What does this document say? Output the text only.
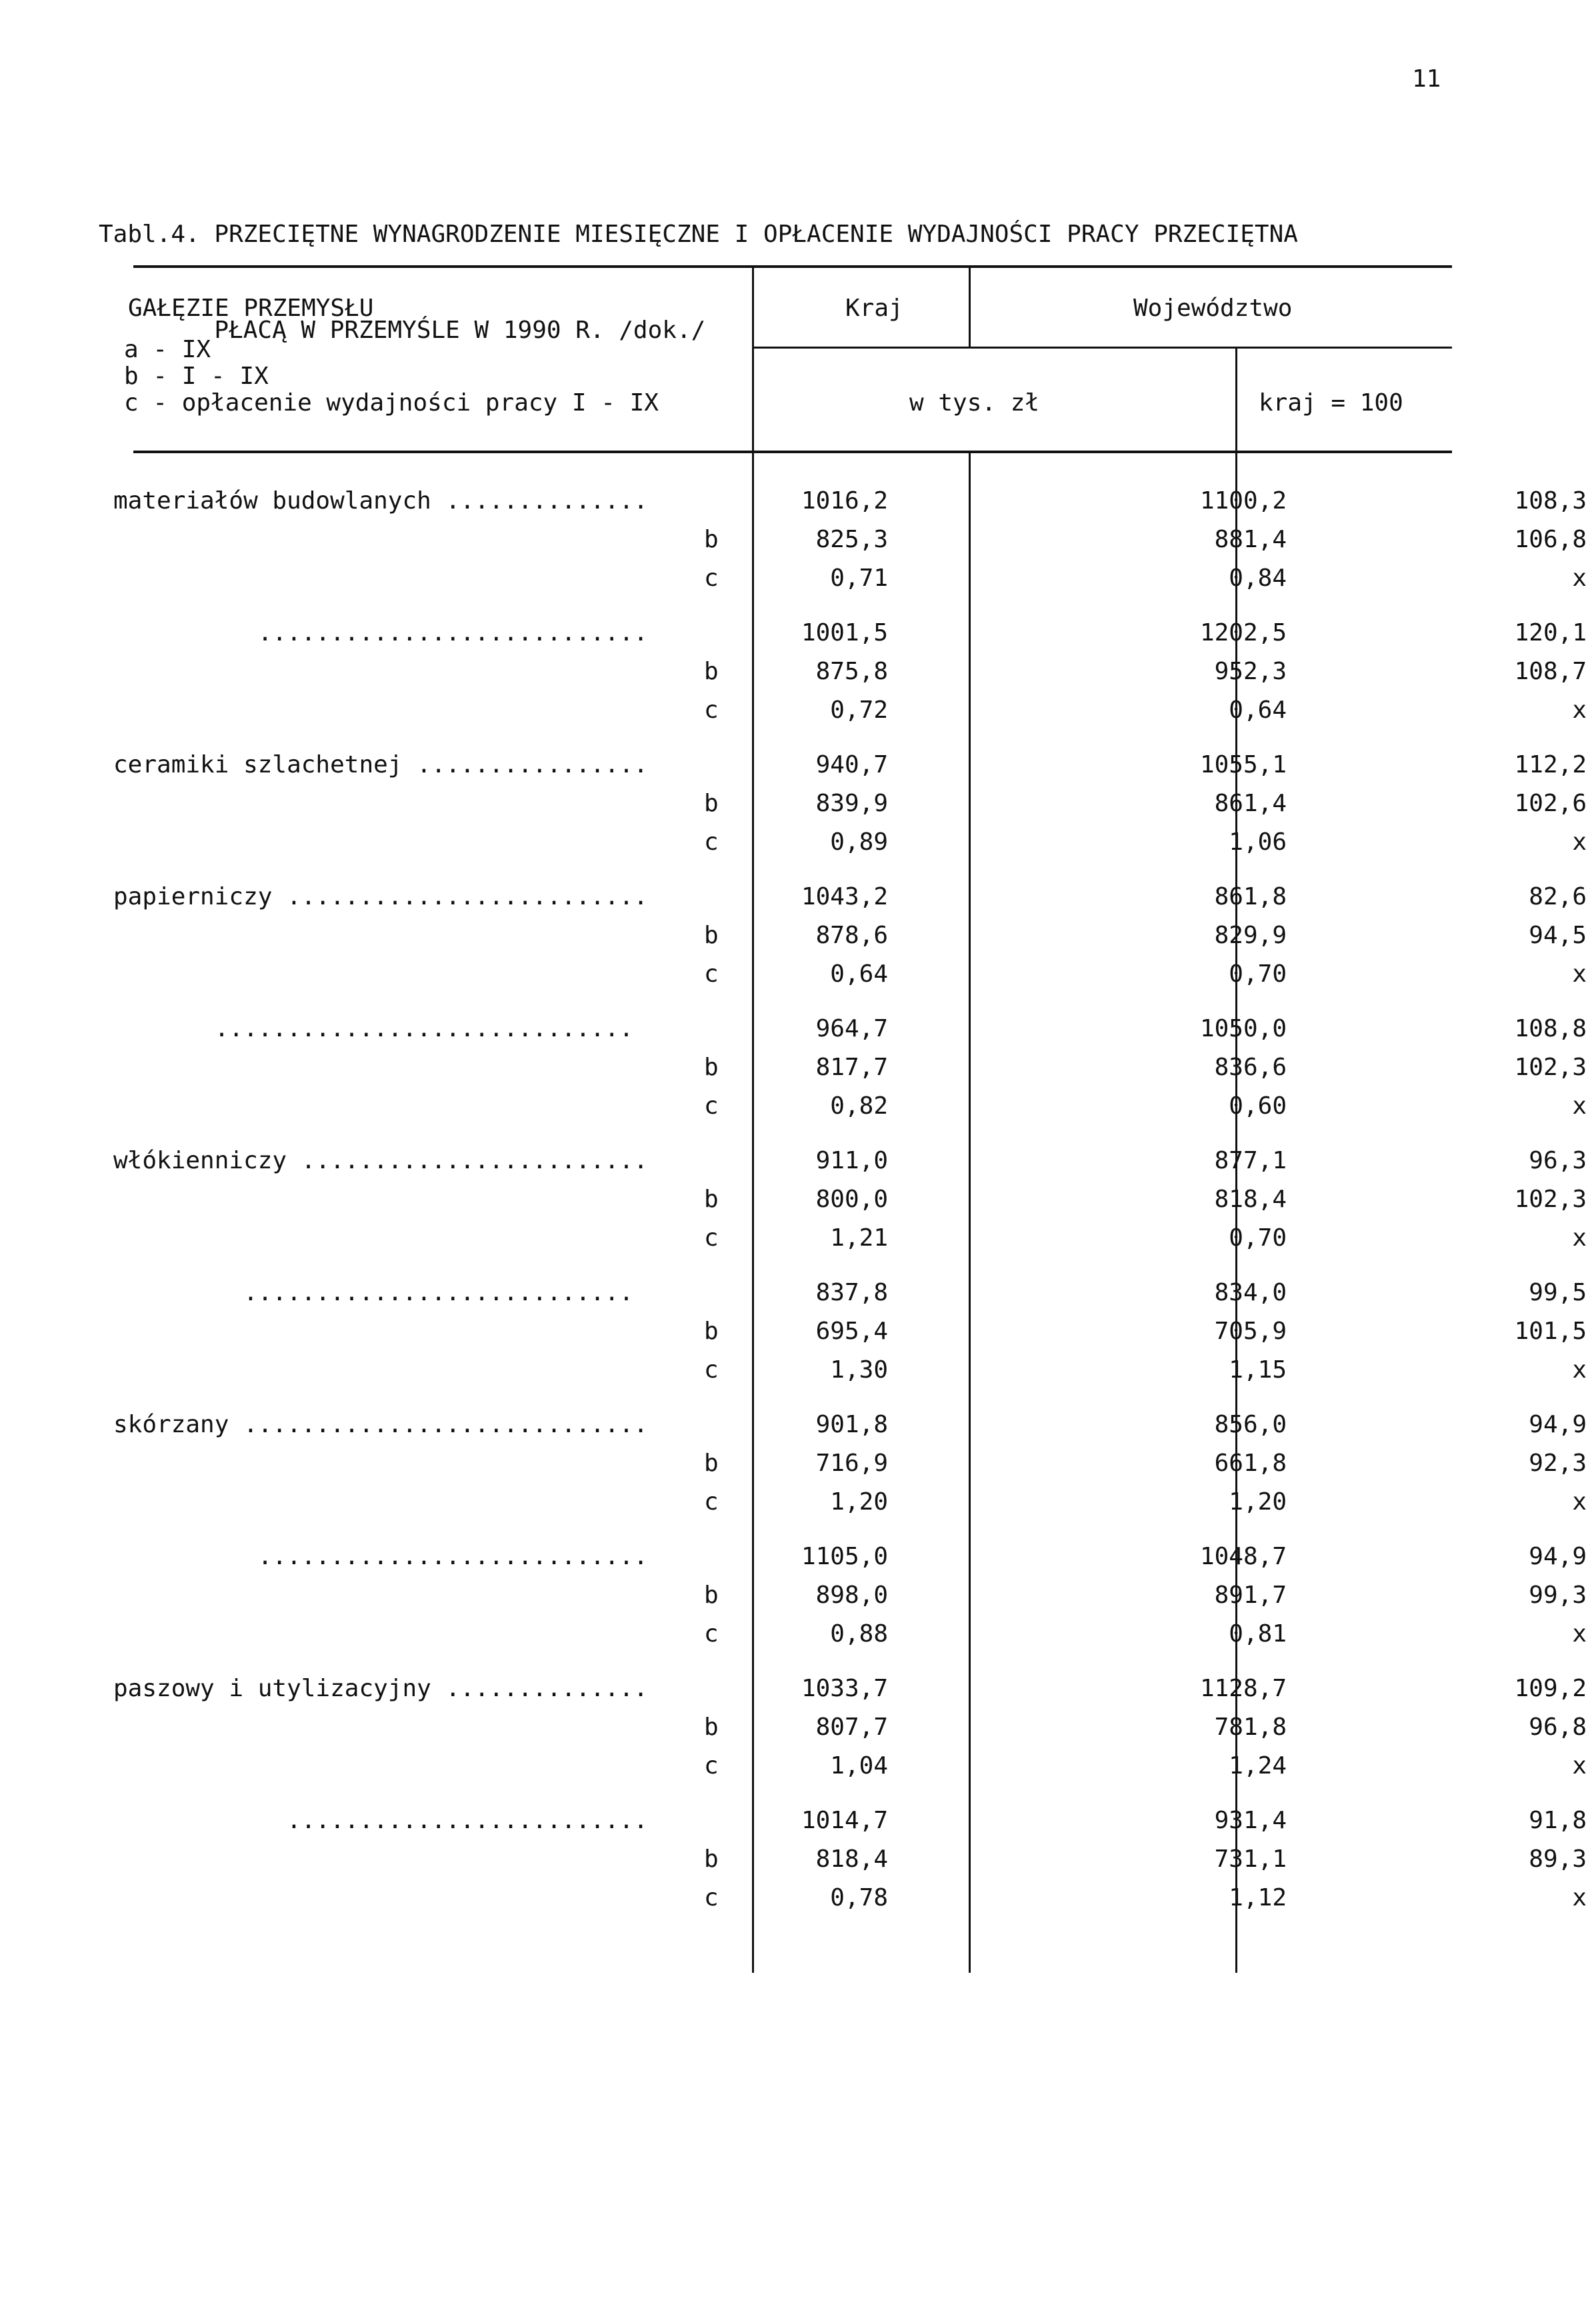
11

Tabl.4. PRZECIĘTNE WYNAGRODZENIE MIESIĘCZNE I OPŁACENIE WYDAJNOŚCI PRACY PRZECIĘTNA

PŁACĄ W PRZEMYŚLE W 1990 R. /dok./

GAŁĘZIE PRZEMYSŁU
a - IX
b - I - IX
c - opłacenie wydajności pracy I - IX
Kraj	Województwo
w tys. zł	kraj = 100
materiałów budowlanych ..............		1016,2	1100,2	108,3
	b	825,3	881,4	106,8
	c	0,71	0,84	x

...........................		1001,5	1202,5	120,1
	b	875,8	952,3	108,7
	c	0,72	0,64	x

ceramiki szlachetnej ................		940,7	1055,1	112,2
	b	839,9	861,4	102,6
	c	0,89	1,06	x

papierniczy .........................		1043,2	861,8	82,6
	b	878,6	829,9	94,5
	c	0,64	0,70	x

.............................		964,7	1050,0	108,8
	b	817,7	836,6	102,3
	c	0,82	0,60	x

włókienniczy ........................		911,0	877,1	96,3
	b	800,0	818,4	102,3
	c	1,21	0,70	x

...........................		837,8	834,0	99,5
	b	695,4	705,9	101,5
	c	1,30	1,15	x

skórzany ............................		901,8	856,0	94,9
	b	716,9	661,8	92,3
	c	1,20	1,20	x

...........................		1105,0	1048,7	94,9
	b	898,0	891,7	99,3
	c	0,88	0,81	x

paszowy i utylizacyjny ..............		1033,7	1128,7	109,2
	b	807,7	781,8	96,8
	c	1,04	1,24	x

.........................		1014,7	931,4	91,8
	b	818,4	731,1	89,3
	c	0,78	1,12	x
